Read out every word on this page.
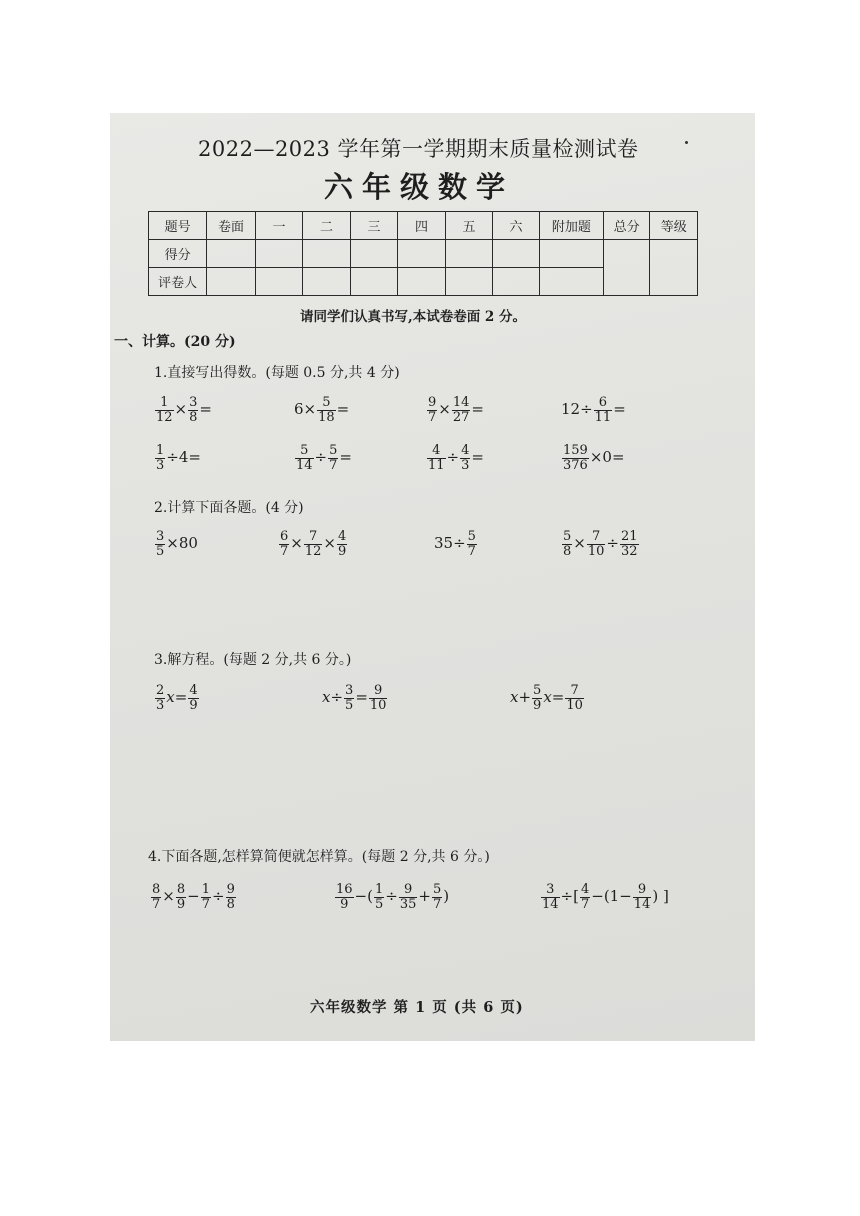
2022—2023 学年第一学期期末质量检测试卷
六年级数学
题号	卷面	一	二	三	四	五	六	附加题	总分	等级
得分										
评卷人										
请同学们认真书写,本试卷卷面 2 分。
一、计算。(20 分)
1.直接写出得数。(每题 0.5 分,共 4 分)
$\frac{1}{12} \times \frac{3}{8}$ =	$6\times \frac{5}{18}$ =	$\frac{9}{7} \times \frac{14}{27}$ =	$12\div \frac{6}{11}$ =
$\frac{1}{3} \div 4=$	$\frac{5}{14} \div \frac{5}{7}$ =	$\frac{4}{11} \div \frac{4}{3}$ =	$\frac{159}{376} \times 0=$
2.计算下面各题。(4 分)
$\frac{3}{5} \times 80$	$\frac{6}{7} \times \frac{7}{12} \times \frac{4}{9}$	$35\div \frac{5}{7}$	$\frac{5}{8} \times \frac{7}{10} \div \frac{21}{32}$
3.解方程。(每题 2 分,共 6 分。)
$\frac{2}{3} x= \frac{4}{9}$	$x\div \frac{3}{5} = \frac{9}{10}$	$x+ \frac{5}{9} x= \frac{7}{10}$
4.下面各题,怎样算简便就怎样算。(每题 2 分,共 6 分。)
$\frac{8}{7} \times \frac{8}{9} - \frac{1}{7} \div \frac{9}{8}$	$\frac{16}{9}$ −( $\frac{1}{5} \div \frac{9}{35} + \frac{5}{7}$ )	$\frac{3}{14}$ ÷[ $\frac{4}{7} -(1- \frac{9}{14}$ ) ]
六年级数学 第 1 页 (共 6 页)
